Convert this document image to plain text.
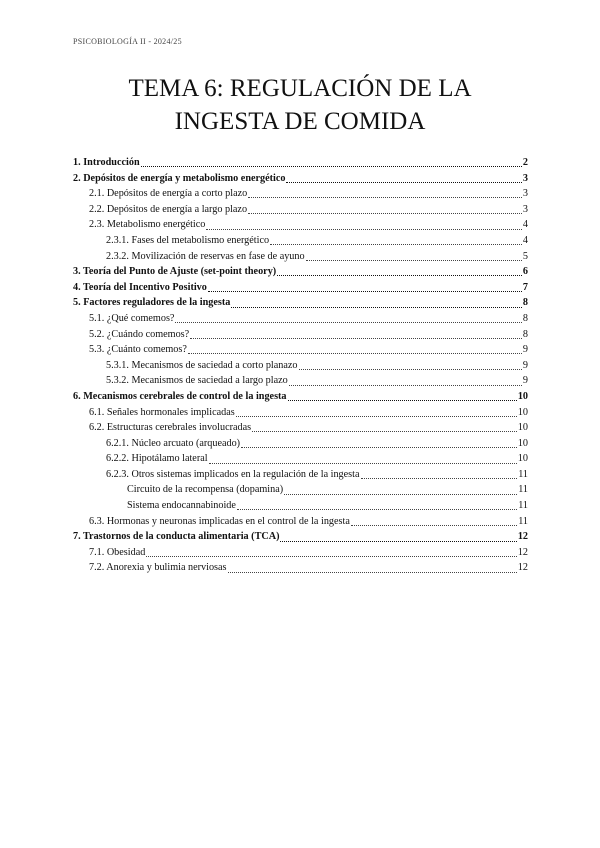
PSICOBIOLOGÍA II - 2024/25
TEMA 6: REGULACIÓN DE LA
INGESTA DE COMIDA
1. Introducción	2
2. Depósitos de energía y metabolismo energético	3
2.1. Depósitos de energía a corto plazo	3
2.2. Depósitos de energía a largo plazo	3
2.3. Metabolismo energético	4
2.3.1. Fases del metabolismo energético	4
2.3.2. Movilización de reservas en fase de ayuno	5
3. Teoría del Punto de Ajuste (set-point theory)	6
4. Teoría del Incentivo Positivo	7
5. Factores reguladores de la ingesta	8
5.1. ¿Qué comemos?	8
5.2. ¿Cuándo comemos?	8
5.3. ¿Cuánto comemos?	9
5.3.1. Mecanismos de saciedad a corto planazo	9
5.3.2. Mecanismos de saciedad a largo plazo	9
6. Mecanismos cerebrales de control de la ingesta	10
6.1. Señales hormonales implicadas	10
6.2. Estructuras cerebrales involucradas	10
6.2.1. Núcleo arcuato (arqueado)	10
6.2.2. Hipotálamo lateral	10
6.2.3. Otros sistemas implicados en la regulación de la ingesta	11
Circuito de la recompensa (dopamina)	11
Sistema endocannabinoide	11
6.3. Hormonas y neuronas implicadas en el control de la ingesta	11
7. Trastornos de la conducta alimentaria (TCA)	12
7.1. Obesidad	12
7.2. Anorexia y bulimia nerviosas	12
